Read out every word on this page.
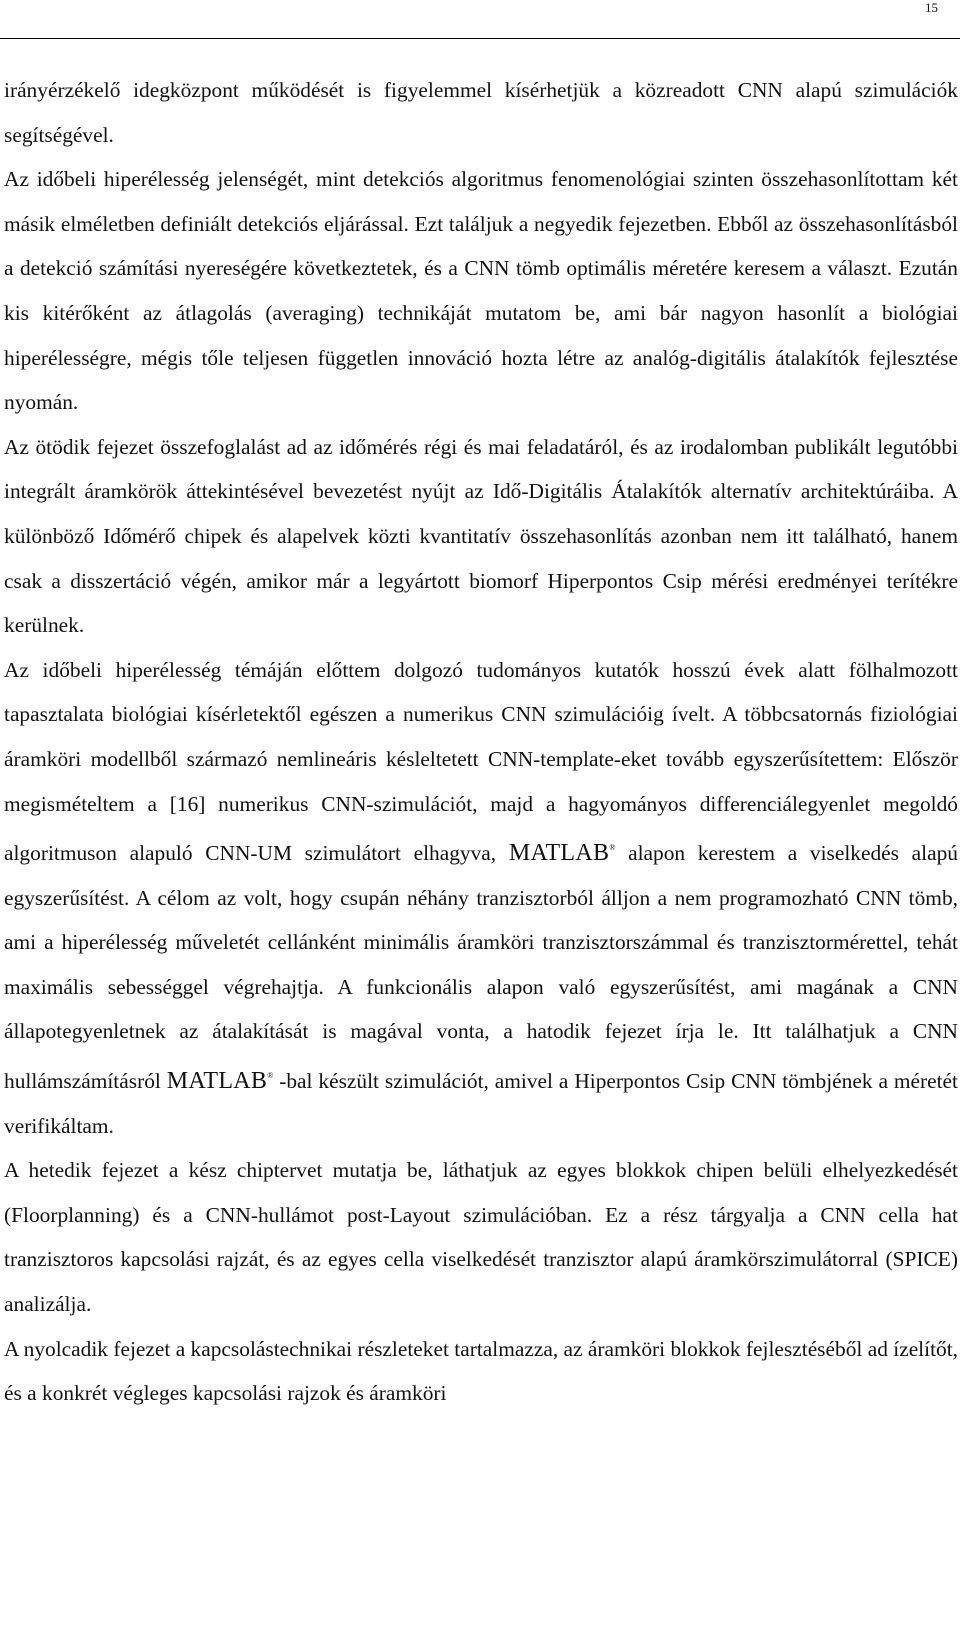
15

irányérzékelő idegközpont működését is figyelemmel kísérhetjük a közreadott CNN alapú szimulációk segítségével.

Az időbeli hiperélesség jelenségét, mint detekciós algoritmus fenomenológiai szinten összehasonlítottam két másik elméletben definiált detekciós eljárással. Ezt találjuk a negyedik fejezetben. Ebből az összehasonlításból a detekció számítási nyereségére következtetek, és a CNN tömb optimális méretére keresem a választ. Ezután kis kitérőként az átlagolás (averaging) technikáját mutatom be, ami bár nagyon hasonlít a biológiai hiperélességre, mégis tőle teljesen független innováció hozta létre az analóg-digitális átalakítók fejlesztése nyomán.

Az ötödik fejezet összefoglalást ad az időmérés régi és mai feladatáról, és az irodalomban publikált legutóbbi integrált áramkörök áttekintésével bevezetést nyújt az Idő-Digitális Átalakítók alternatív architektúráiba. A különböző Időmérő chipek és alapelvek közti kvantitatív összehasonlítás azonban nem itt található, hanem csak a disszertáció végén, amikor már a legyártott biomorf Hiperpontos Csip mérési eredményei terítékre kerülnek.

Az időbeli hiperélesség témáján előttem dolgozó tudományos kutatók hosszú évek alatt fölhalmozott tapasztalata biológiai kísérletektől egészen a numerikus CNN szimulációig ívelt. A többcsatornás fiziológiai áramköri modellből származó nemlineáris késleltetett CNN-template-eket tovább egyszerűsítettem: Először megismételtem a [16] numerikus CNN-szimulációt, majd a hagyományos differenciálegyenlet megoldó algoritmuson alapuló CNN-UM szimulátort elhagyva, MATLAB® alapon kerestem a viselkedés alapú egyszerűsítést. A célom az volt, hogy csupán néhány tranzisztorból álljon a nem programozható CNN tömb, ami a hiperélesség műveletét cellánként minimális áramköri tranzisztorszámmal és tranzisztormérettel, tehát maximális sebességgel végrehajtja. A funkcionális alapon való egyszerűsítést, ami magának a CNN állapotegyenletnek az átalakítását is magával vonta, a hatodik fejezet írja le. Itt találhatjuk a CNN hullámszámításról MATLAB® -bal készült szimulációt, amivel a Hiperpontos Csip CNN tömbjének a méretét verifikáltam.

A hetedik fejezet a kész chiptervet mutatja be, láthatjuk az egyes blokkok chipen belüli elhelyezkedését (Floorplanning) és a CNN-hullámot post-Layout szimulációban. Ez a rész tárgyalja a CNN cella hat tranzisztoros kapcsolási rajzát, és az egyes cella viselkedését tranzisztor alapú áramkörszimulátorral (SPICE) analizálja.

A nyolcadik fejezet a kapcsolástechnikai részleteket tartalmazza, az áramköri blokkok fejlesztéséből ad ízelítőt, és a konkrét végleges kapcsolási rajzok és áramköri
